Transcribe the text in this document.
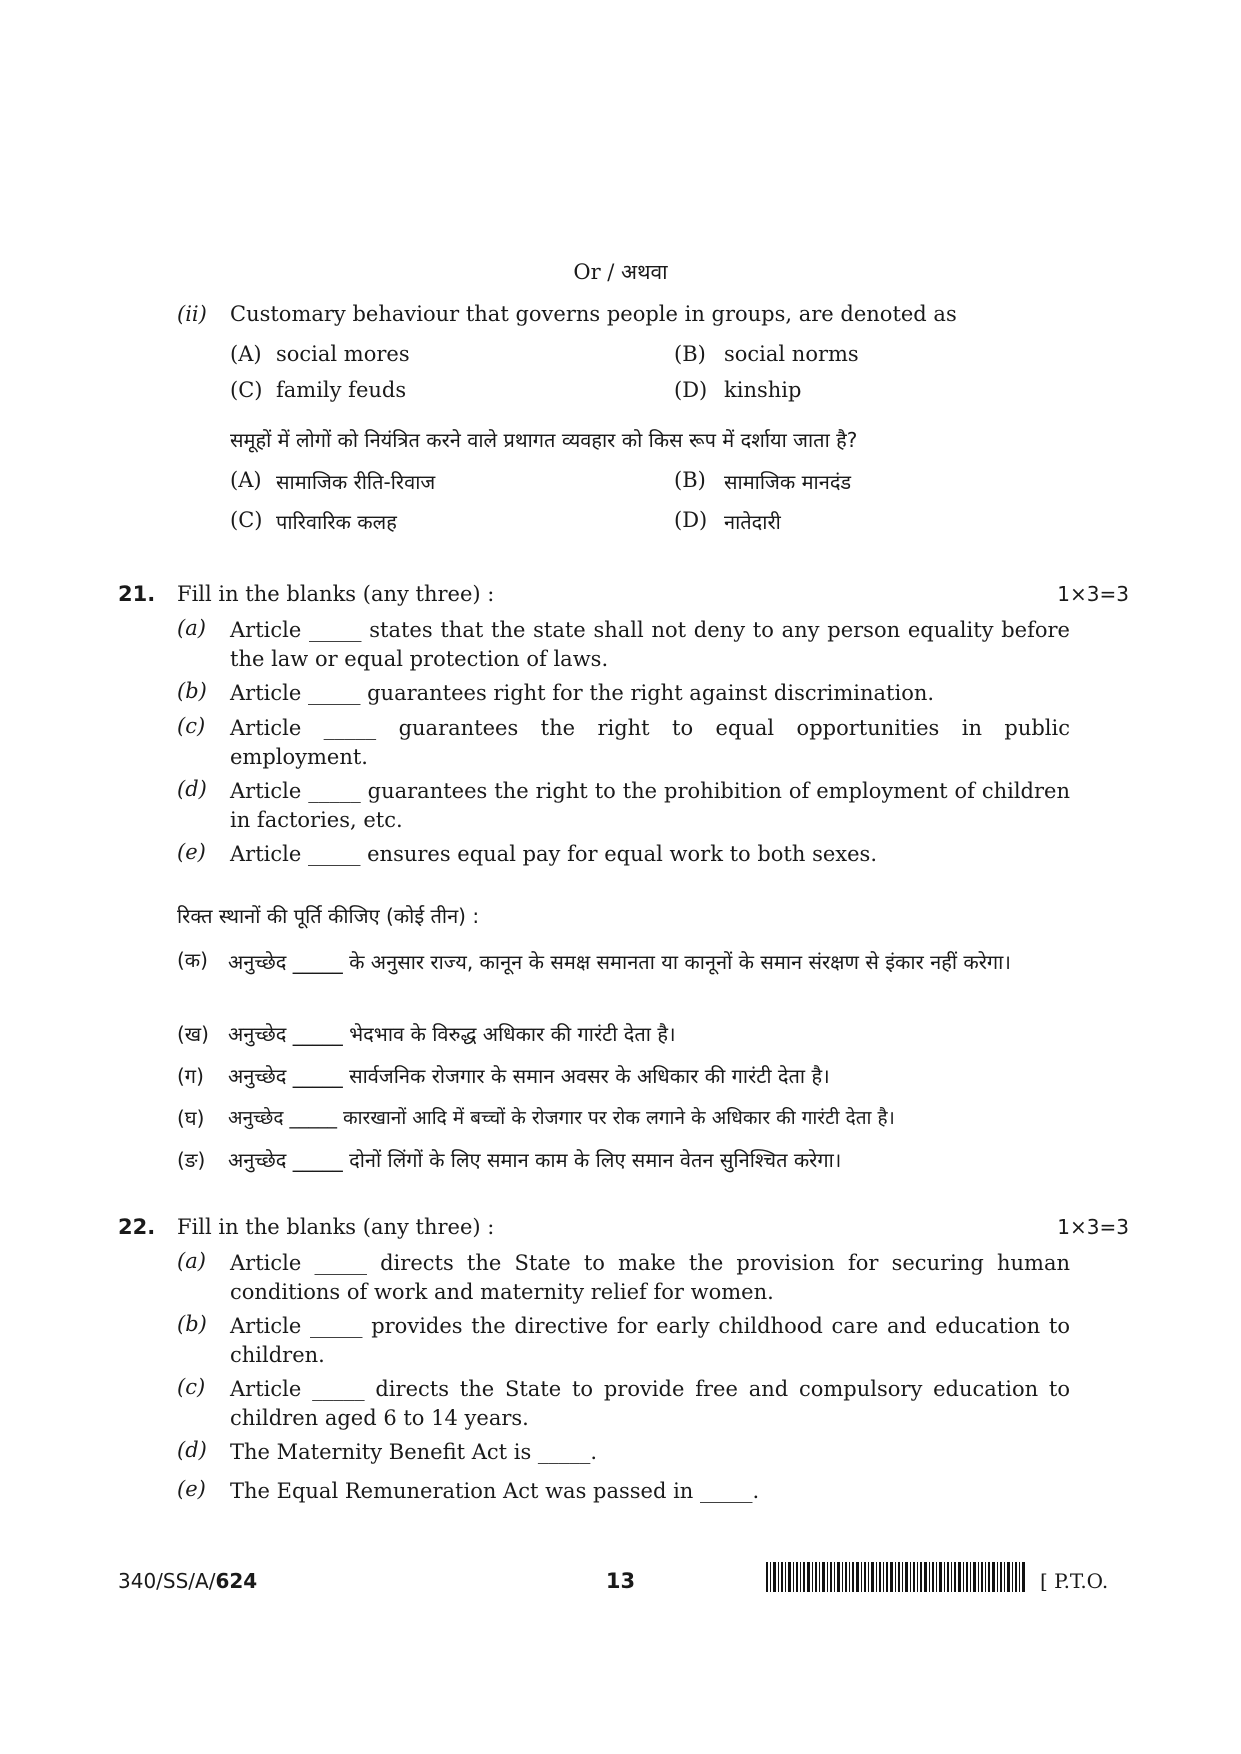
Or / अथवा
(ii) Customary behaviour that governs people in groups, are denoted as
(A) social mores	(B) social norms
(C) family feuds	(D) kinship
समूहों में लोगों को नियंत्रित करने वाले प्रथागत व्यवहार को किस रूप में दर्शाया जाता है?
(A) सामाजिक रीति-रिवाज	(B) सामाजिक मानदंड
(C) पारिवारिक कलह	(D) नातेदारी
21. Fill in the blanks (any three) :	1×3=3
(a) Article _____ states that the state shall not deny to any person equality before the law or equal protection of laws.
(b) Article _____ guarantees right for the right against discrimination.
(c) Article _____ guarantees the right to equal opportunities in public employment.
(d) Article _____ guarantees the right to the prohibition of employment of children in factories, etc.
(e) Article _____ ensures equal pay for equal work to both sexes.
रिक्त स्थानों की पूर्ति कीजिए (कोई तीन) :
(क) अनुच्छेद _____ के अनुसार राज्य, कानून के समक्ष समानता या कानूनों के समान संरक्षण से इंकार नहीं करेगा।
(ख) अनुच्छेद _____ भेदभाव के विरुद्ध अधिकार की गारंटी देता है।
(ग) अनुच्छेद _____ सार्वजनिक रोजगार के समान अवसर के अधिकार की गारंटी देता है।
(घ) अनुच्छेद _____ कारखानों आदि में बच्चों के रोजगार पर रोक लगाने के अधिकार की गारंटी देता है।
(ङ) अनुच्छेद _____ दोनों लिंगों के लिए समान काम के लिए समान वेतन सुनिश्चित करेगा।
22. Fill in the blanks (any three) :	1×3=3
(a) Article _____ directs the State to make the provision for securing human conditions of work and maternity relief for women.
(b) Article _____ provides the directive for early childhood care and education to children.
(c) Article _____ directs the State to provide free and compulsory education to children aged 6 to 14 years.
(d) The Maternity Benefit Act is _____.
(e) The Equal Remuneration Act was passed in _____.
340/SS/A/624	13	[ P.T.O.
